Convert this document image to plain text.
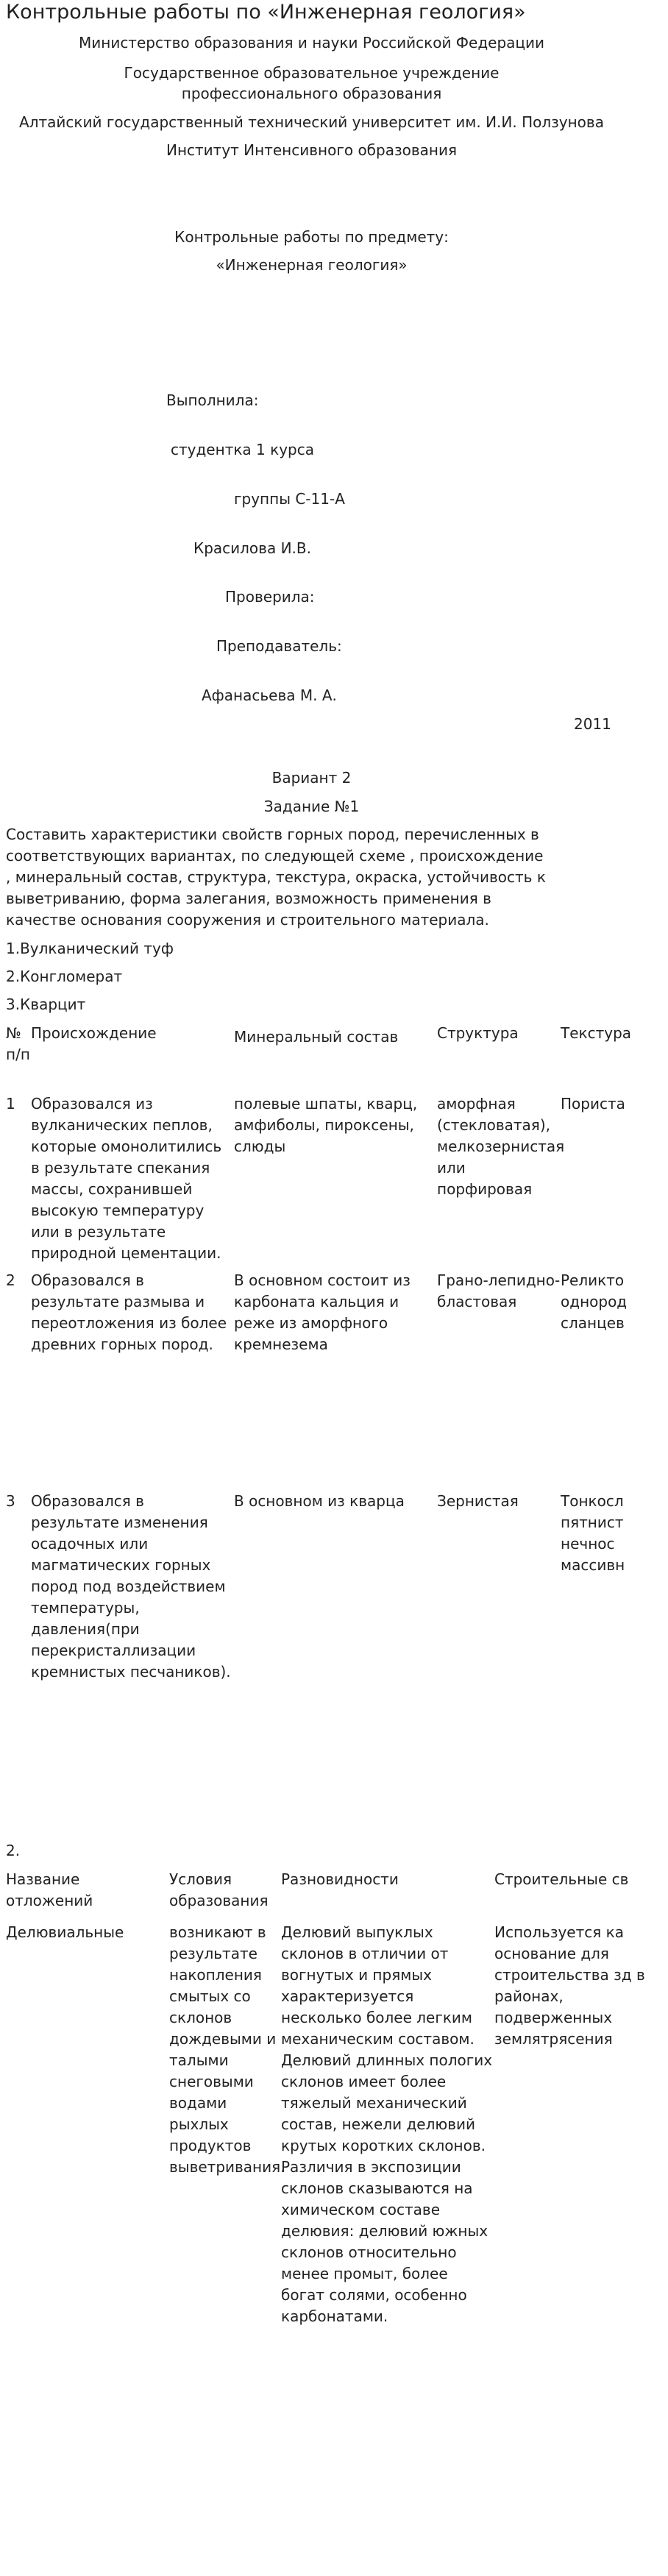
Контрольные работы по «Инженерная геология»
Министерство образования и науки Российской Федерации
Государственное образовательное учреждение
профессионального образования
Алтайский государственный технический университет им. И.И. Ползунова
Институт Интенсивного образования
Контрольные работы по предмету:
«Инженерная геология»
Выполнила:
студентка 1 курса
группы С-11-А
Красилова И.В.
Проверила:
Преподаватель:
Афанасьева М. А.
2011
Вариант 2
Задание №1
Составить характеристики свойств горных пород, перечисленных в соответствующих вариантах, по следующей схеме , происхождение , минеральный состав, структура, текстура, окраска, устойчивость к выветриванию, форма залегания, возможность применения в качестве основания сооружения и строительного материала.
1.Вулканический туф
2.Конгломерат
3.Кварцит
№ п/п	Происхождение	Минеральный состав	Структура	Текстура
1	Образовался из вулканических пеплов, которые омонолитились в результате спекания массы, сохранившей высокую температуру или в результате природной цементации.	полевые шпаты, кварц, амфиболы, пироксены, слюды	аморфная (стекловатая), мелкозернистая или порфировая	Пориста
2	Образовался в результате размыва и переотложения из более древних горных пород.	В основном состоит из карбоната кальция и реже из аморфного кремнезема	Грано-лепидно-бластовая	Реликто однород сланцев
3	Образовался в результате изменения осадочных или магматических горных пород под воздействием температуры, давления(при перекристаллизации кремнистых песчаников).	В основном из кварца	Зернистая	Тонкосл пятнист нечнос массивн
2.
Название отложений	Условия образования	Разновидности	Строительные св
Делювиальные	возникают в результате накопления смытых со склонов дождевыми и талыми снеговыми водами рыхлых продуктов выветривания.	Делювий выпуклых склонов в отличии от вогнутых и прямых характеризуется несколько более легким механическим составом. Делювий длинных пологих склонов имеет более тяжелый механический состав, нежели делювий крутых коротких склонов. Различия в экспозиции склонов сказываются на химическом составе делювия: делювий южных склонов относительно менее промыт, более богат солями, особенно карбонатами.	Используется ка основание для строительства зд в районах, подверженных землятрясения
